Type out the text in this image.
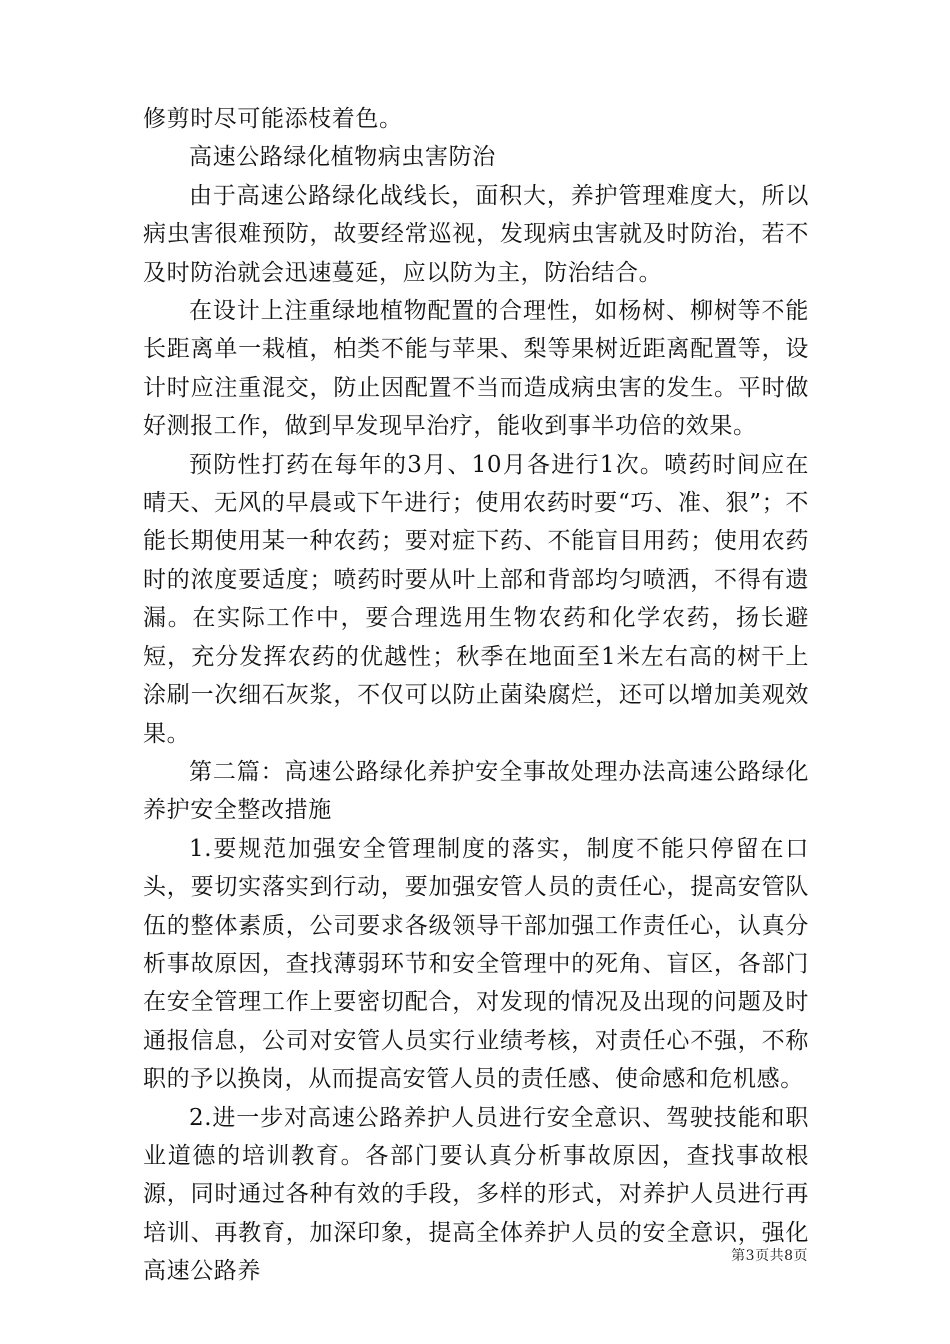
修剪时尽可能添枝着色。

高速公路绿化植物病虫害防治

由于高速公路绿化战线长，面积大，养护管理难度大，所以病虫害很难预防，故要经常巡视，发现病虫害就及时防治，若不及时防治就会迅速蔓延，应以防为主，防治结合。

在设计上注重绿地植物配置的合理性，如杨树、柳树等不能长距离单一栽植，柏类不能与苹果、梨等果树近距离配置等，设计时应注重混交，防止因配置不当而造成病虫害的发生。平时做好测报工作，做到早发现早治疗，能收到事半功倍的效果。

预防性打药在每年的3月、10月各进行1次。喷药时间应在晴天、无风的早晨或下午进行；使用农药时要“巧、准、狠”；不能长期使用某一种农药；要对症下药、不能盲目用药；使用农药时的浓度要适度；喷药时要从叶上部和背部均匀喷洒，不得有遗漏。在实际工作中，要合理选用生物农药和化学农药，扬长避短，充分发挥农药的优越性；秋季在地面至1米左右高的树干上涂刷一次细石灰浆，不仅可以防止菌染腐烂，还可以增加美观效果。

第二篇：高速公路绿化养护安全事故处理办法高速公路绿化养护安全整改措施

1.要规范加强安全管理制度的落实，制度不能只停留在口头，要切实落实到行动，要加强安管人员的责任心，提高安管队伍的整体素质，公司要求各级领导干部加强工作责任心，认真分析事故原因，查找薄弱环节和安全管理中的死角、盲区，各部门在安全管理工作上要密切配合，对发现的情况及出现的问题及时通报信息，公司对安管人员实行业绩考核，对责任心不强，不称职的予以换岗，从而提高安管人员的责任感、使命感和危机感。

2.进一步对高速公路养护人员进行安全意识、驾驶技能和职业道德的培训教育。各部门要认真分析事故原因，查找事故根源，同时通过各种有效的手段，多样的形式，对养护人员进行再培训、再教育，加深印象，提高全体养护人员的安全意识，强化高速公路养

第3页共8页
